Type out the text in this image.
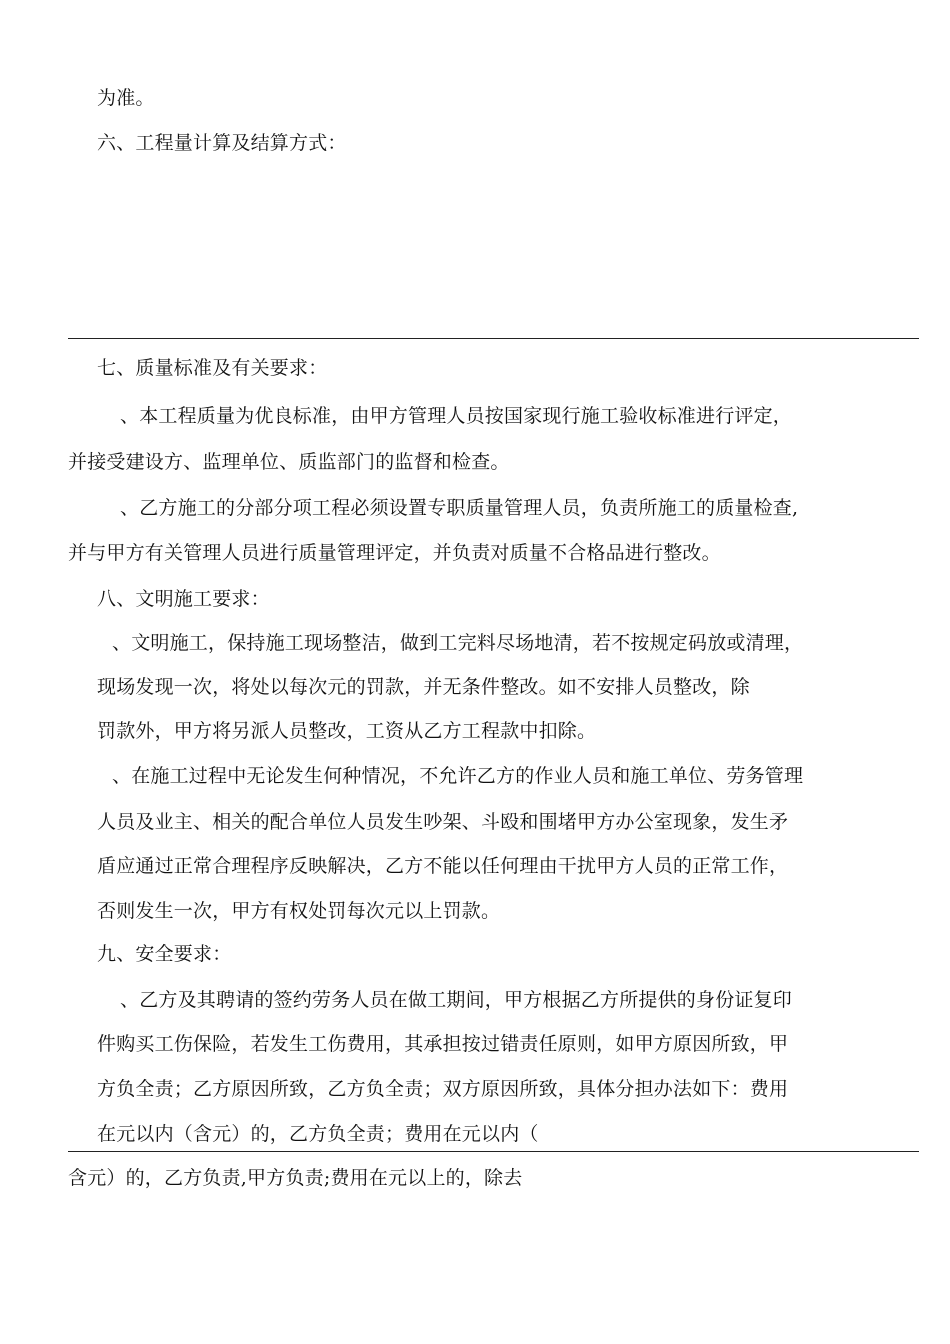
为准。
六、工程量计算及结算方式：
七、质量标准及有关要求：
、本工程质量为优良标准，由甲方管理人员按国家现行施工验收标准进行评定，
并接受建设方、监理单位、质监部门的监督和检查。
、乙方施工的分部分项工程必须设置专职质量管理人员，负责所施工的质量检查,
并与甲方有关管理人员进行质量管理评定，并负责对质量不合格品进行整改。
八、文明施工要求：
、文明施工，保持施工现场整洁，做到工完料尽场地清，若不按规定码放或清理，
现场发现一次，将处以每次元的罚款，并无条件整改。如不安排人员整改，除
罚款外，甲方将另派人员整改，工资从乙方工程款中扣除。
、在施工过程中无论发生何种情况，不允许乙方的作业人员和施工单位、劳务管理
人员及业主、相关的配合单位人员发生吵架、斗殴和围堵甲方办公室现象，发生矛
盾应通过正常合理程序反映解决，乙方不能以任何理由干扰甲方人员的正常工作，
否则发生一次，甲方有权处罚每次元以上罚款。
九、安全要求：
、乙方及其聘请的签约劳务人员在做工期间，甲方根据乙方所提供的身份证复印
件购买工伤保险，若发生工伤费用，其承担按过错责任原则，如甲方原因所致，甲
方负全责；乙方原因所致，乙方负全责；双方原因所致，具体分担办法如下：费用
在元以内（含元）的，乙方负全责；费用在元以内（
含元）的，乙方负责,甲方负责;费用在元以上的，除去
